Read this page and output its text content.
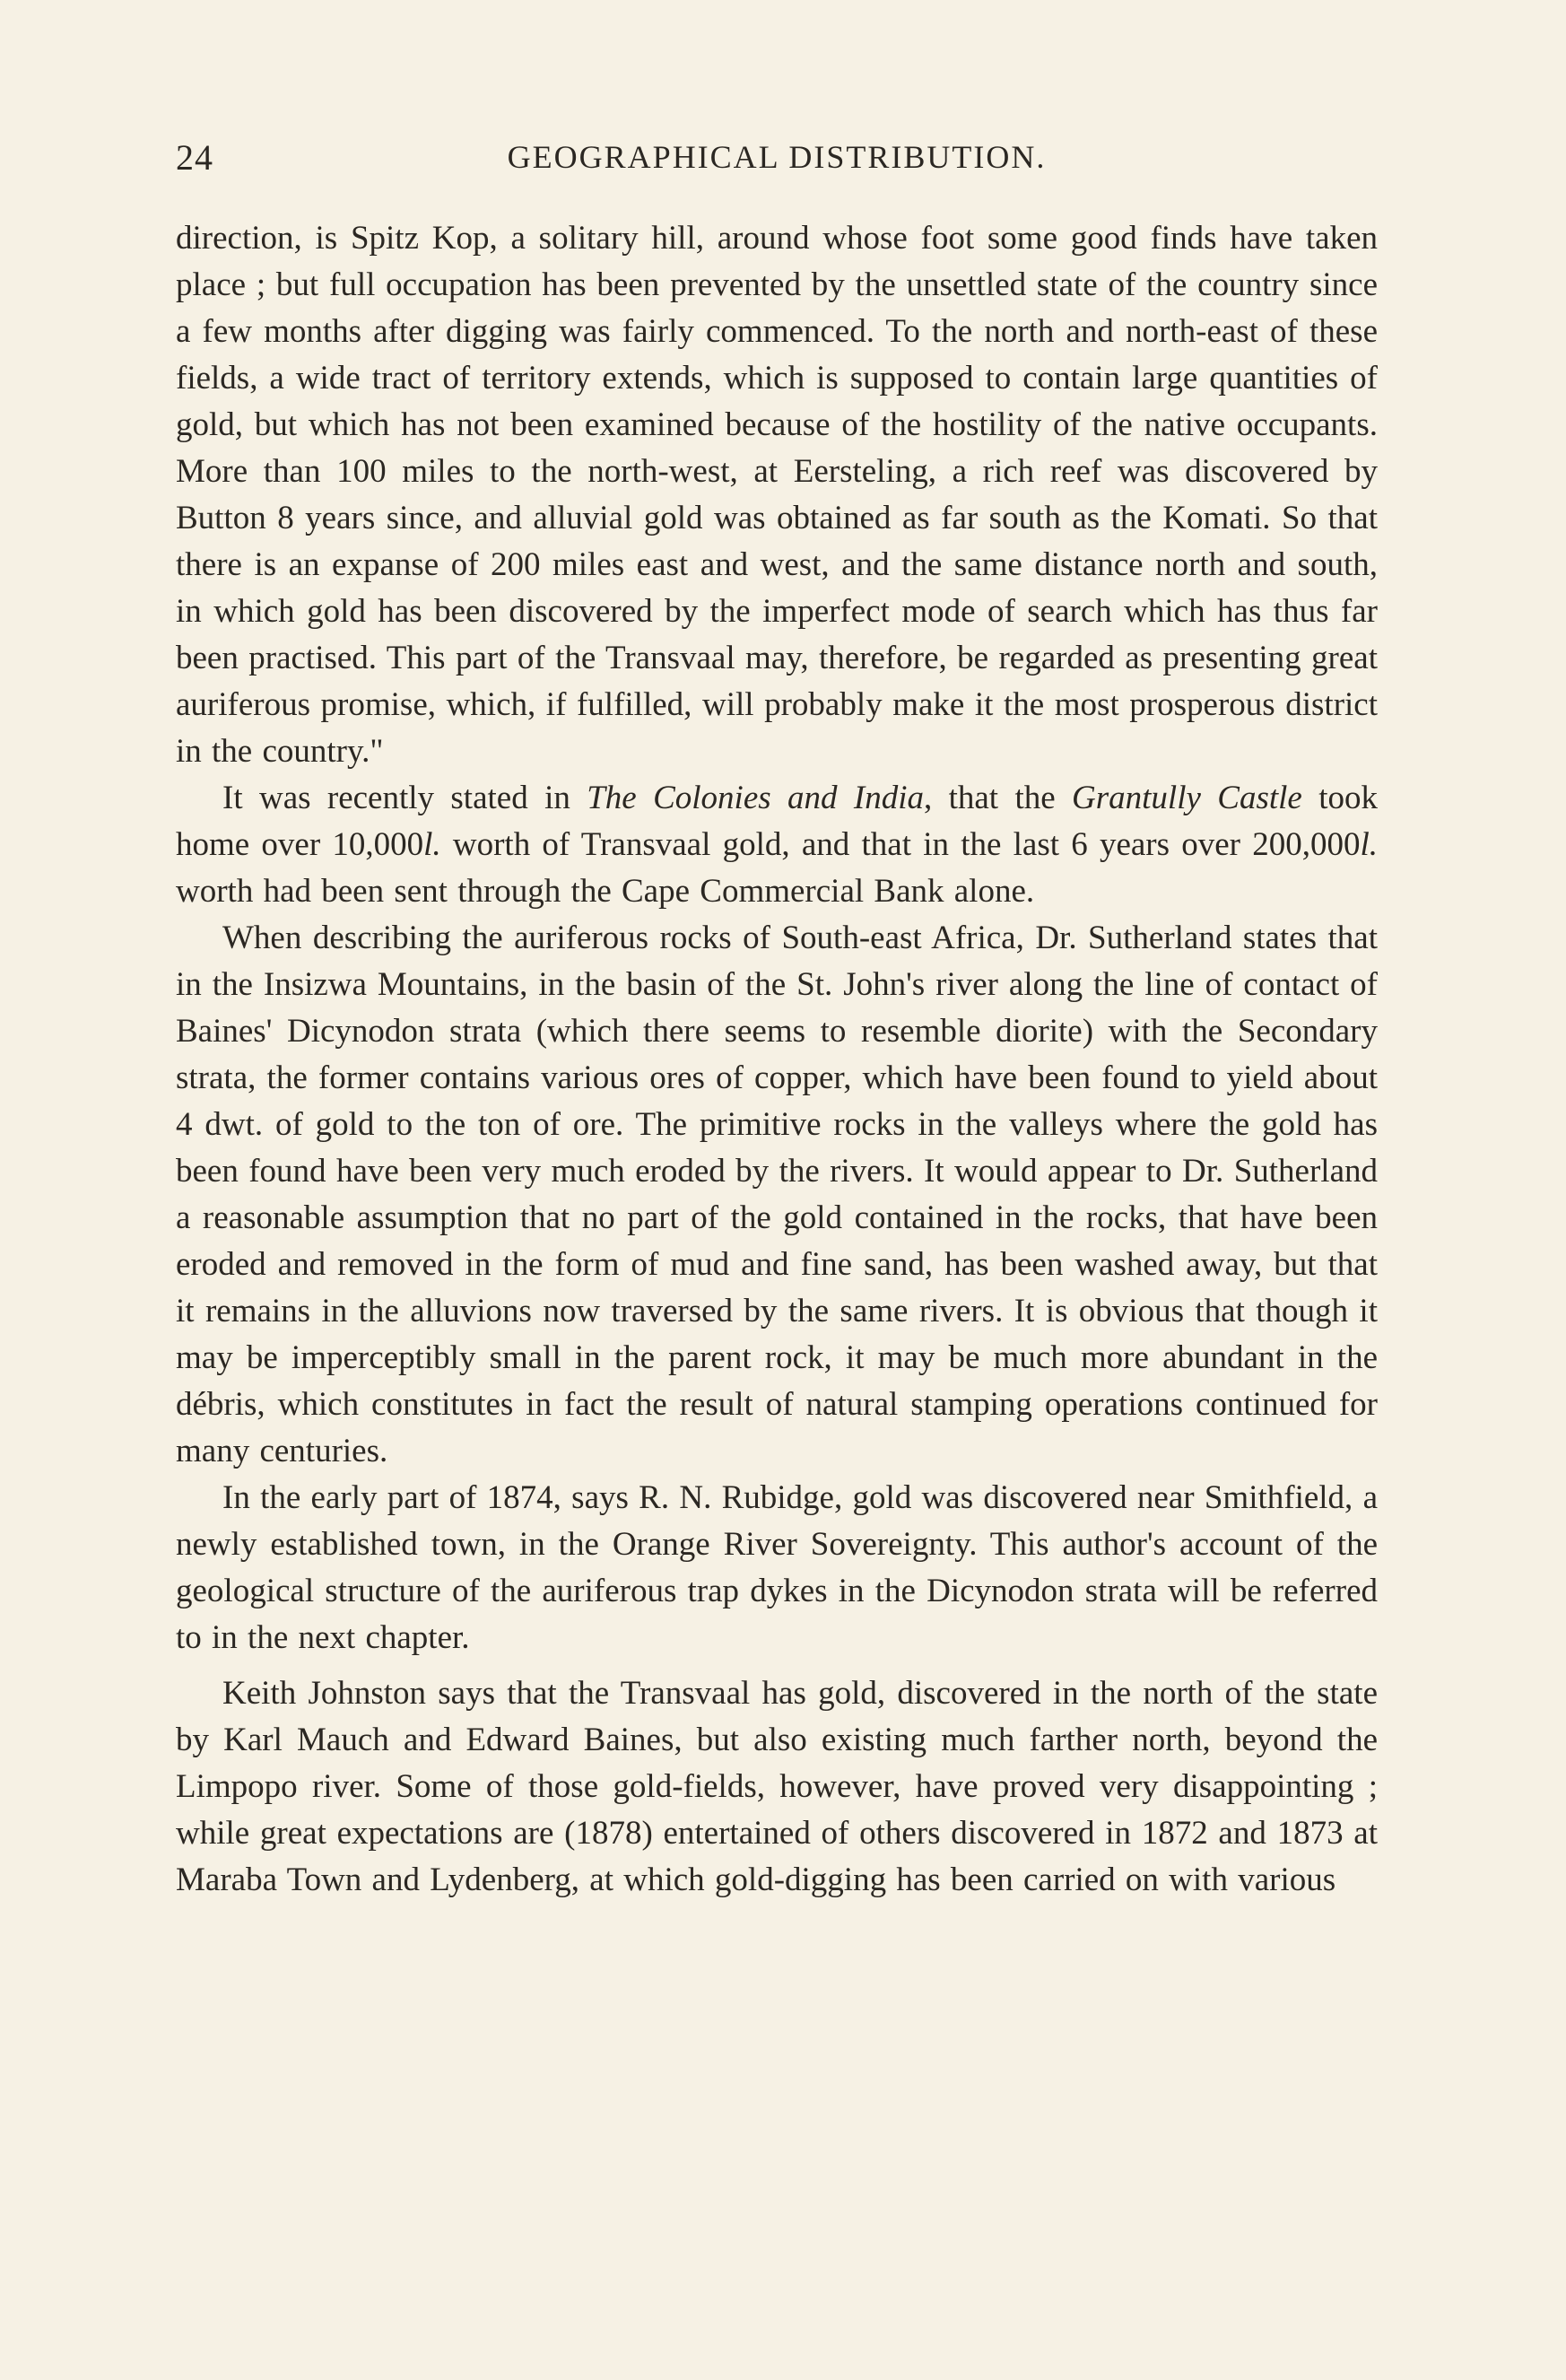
24	GEOGRAPHICAL DISTRIBUTION.

direction, is Spitz Kop, a solitary hill, around whose foot some good finds have taken place ; but full occupation has been prevented by the unsettled state of the country since a few months after digging was fairly commenced. To the north and north-east of these fields, a wide tract of territory extends, which is supposed to contain large quantities of gold, but which has not been examined because of the hostility of the native occupants. More than 100 miles to the north-west, at Eersteling, a rich reef was discovered by Button 8 years since, and alluvial gold was obtained as far south as the Komati. So that there is an expanse of 200 miles east and west, and the same distance north and south, in which gold has been discovered by the imperfect mode of search which has thus far been practised. This part of the Transvaal may, therefore, be regarded as presenting great auriferous promise, which, if fulfilled, will probably make it the most prosperous district in the country."

It was recently stated in The Colonies and India, that the Grantully Castle took home over 10,000l. worth of Transvaal gold, and that in the last 6 years over 200,000l. worth had been sent through the Cape Commercial Bank alone.

When describing the auriferous rocks of South-east Africa, Dr. Sutherland states that in the Insizwa Mountains, in the basin of the St. John's river along the line of contact of Baines' Dicynodon strata (which there seems to resemble diorite) with the Secondary strata, the former contains various ores of copper, which have been found to yield about 4 dwt. of gold to the ton of ore. The primitive rocks in the valleys where the gold has been found have been very much eroded by the rivers. It would appear to Dr. Sutherland a reasonable assumption that no part of the gold contained in the rocks, that have been eroded and removed in the form of mud and fine sand, has been washed away, but that it remains in the alluvions now traversed by the same rivers. It is obvious that though it may be imperceptibly small in the parent rock, it may be much more abundant in the débris, which constitutes in fact the result of natural stamping operations continued for many centuries.

In the early part of 1874, says R. N. Rubidge, gold was discovered near Smithfield, a newly established town, in the Orange River Sovereignty. This author's account of the geological structure of the auriferous trap dykes in the Dicynodon strata will be referred to in the next chapter.

Keith Johnston says that the Transvaal has gold, discovered in the north of the state by Karl Mauch and Edward Baines, but also existing much farther north, beyond the Limpopo river. Some of those gold-fields, however, have proved very disappointing ; while great expectations are (1878) entertained of others discovered in 1872 and 1873 at Maraba Town and Lydenberg, at which gold-digging has been carried on with various
